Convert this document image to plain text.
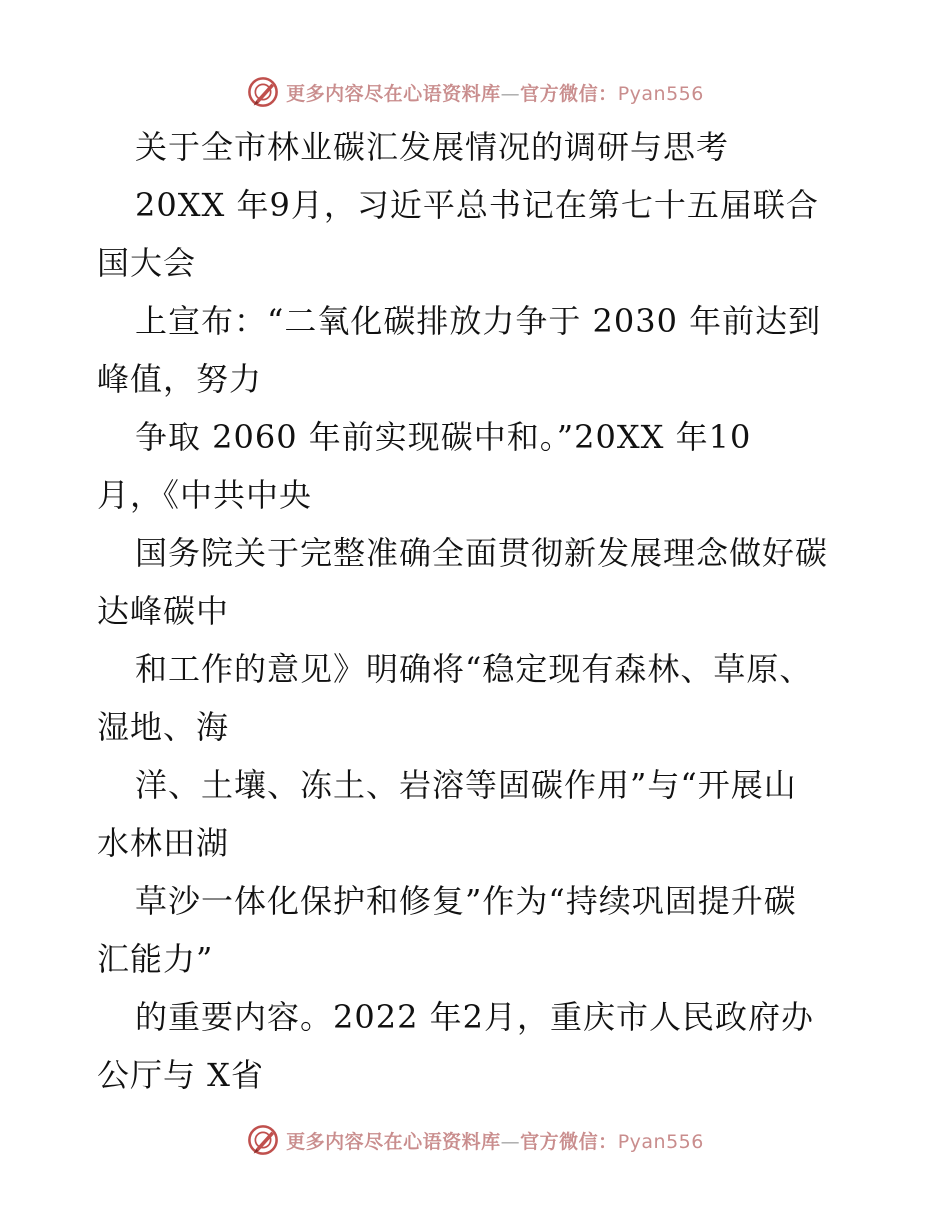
更多内容尽在心语资料库—官方微信：Pyan556
关于全市林业碳汇发展情况的调研与思考
20XX 年9月，习近平总书记在第七十五届联合
国大会
上宣布：“二氧化碳排放力争于 2030 年前达到
峰值，努力
争取 2060 年前实现碳中和。”20XX 年10
月，《中共中央
国务院关于完整准确全面贯彻新发展理念做好碳
达峰碳中
和工作的意见》明确将“稳定现有森林、草原、
湿地、海
洋、土壤、冻土、岩溶等固碳作用”与“开展山
水林田湖
草沙一体化保护和修复”作为“持续巩固提升碳
汇能力”
的重要内容。2022 年2月，重庆市人民政府办
公厅与 X省
更多内容尽在心语资料库—官方微信：Pyan556
